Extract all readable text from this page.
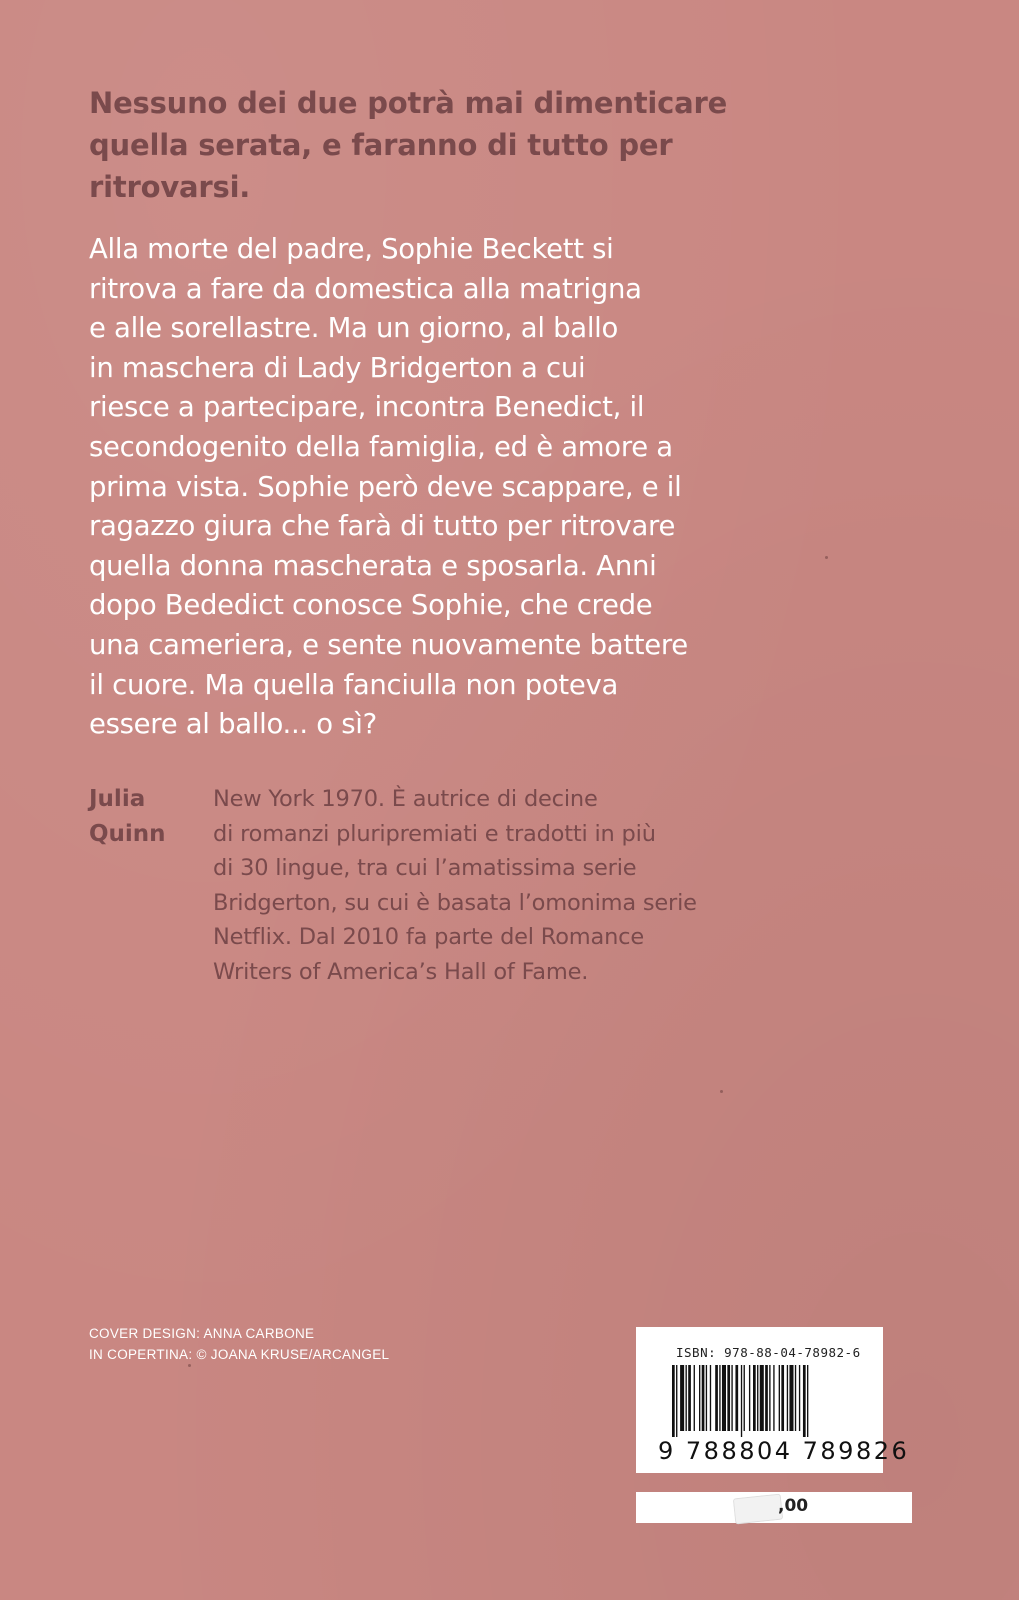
Nessuno dei due potrà mai dimenticare quella serata, e faranno di tutto per ritrovarsi.

Alla morte del padre, Sophie Beckett si
ritrova a fare da domestica alla matrigna
e alle sorellastre. Ma un giorno, al ballo
in maschera di Lady Bridgerton a cui
riesce a partecipare, incontra Benedict, il
secondogenito della famiglia, ed è amore a
prima vista. Sophie però deve scappare, e il
ragazzo giura che farà di tutto per ritrovare
quella donna mascherata e sposarla. Anni
dopo Bededict conosce Sophie, che crede
una cameriera, e sente nuovamente battere
il cuore. Ma quella fanciulla non poteva
essere al ballo... o sì?

Julia
Quinn
New York 1970. È autrice di decine
di romanzi pluripremiati e tradotti in più
di 30 lingue, tra cui l’amatissima serie
Bridgerton, su cui è basata l’omonima serie
Netflix. Dal 2010 fa parte del Romance
Writers of America’s Hall of Fame.
COVER DESIGN: ANNA CARBONE
IN COPERTINA: © JOANA KRUSE/ARCANGEL	ISBN: 978-88-04-78982-6
9 788804 789826
,00
